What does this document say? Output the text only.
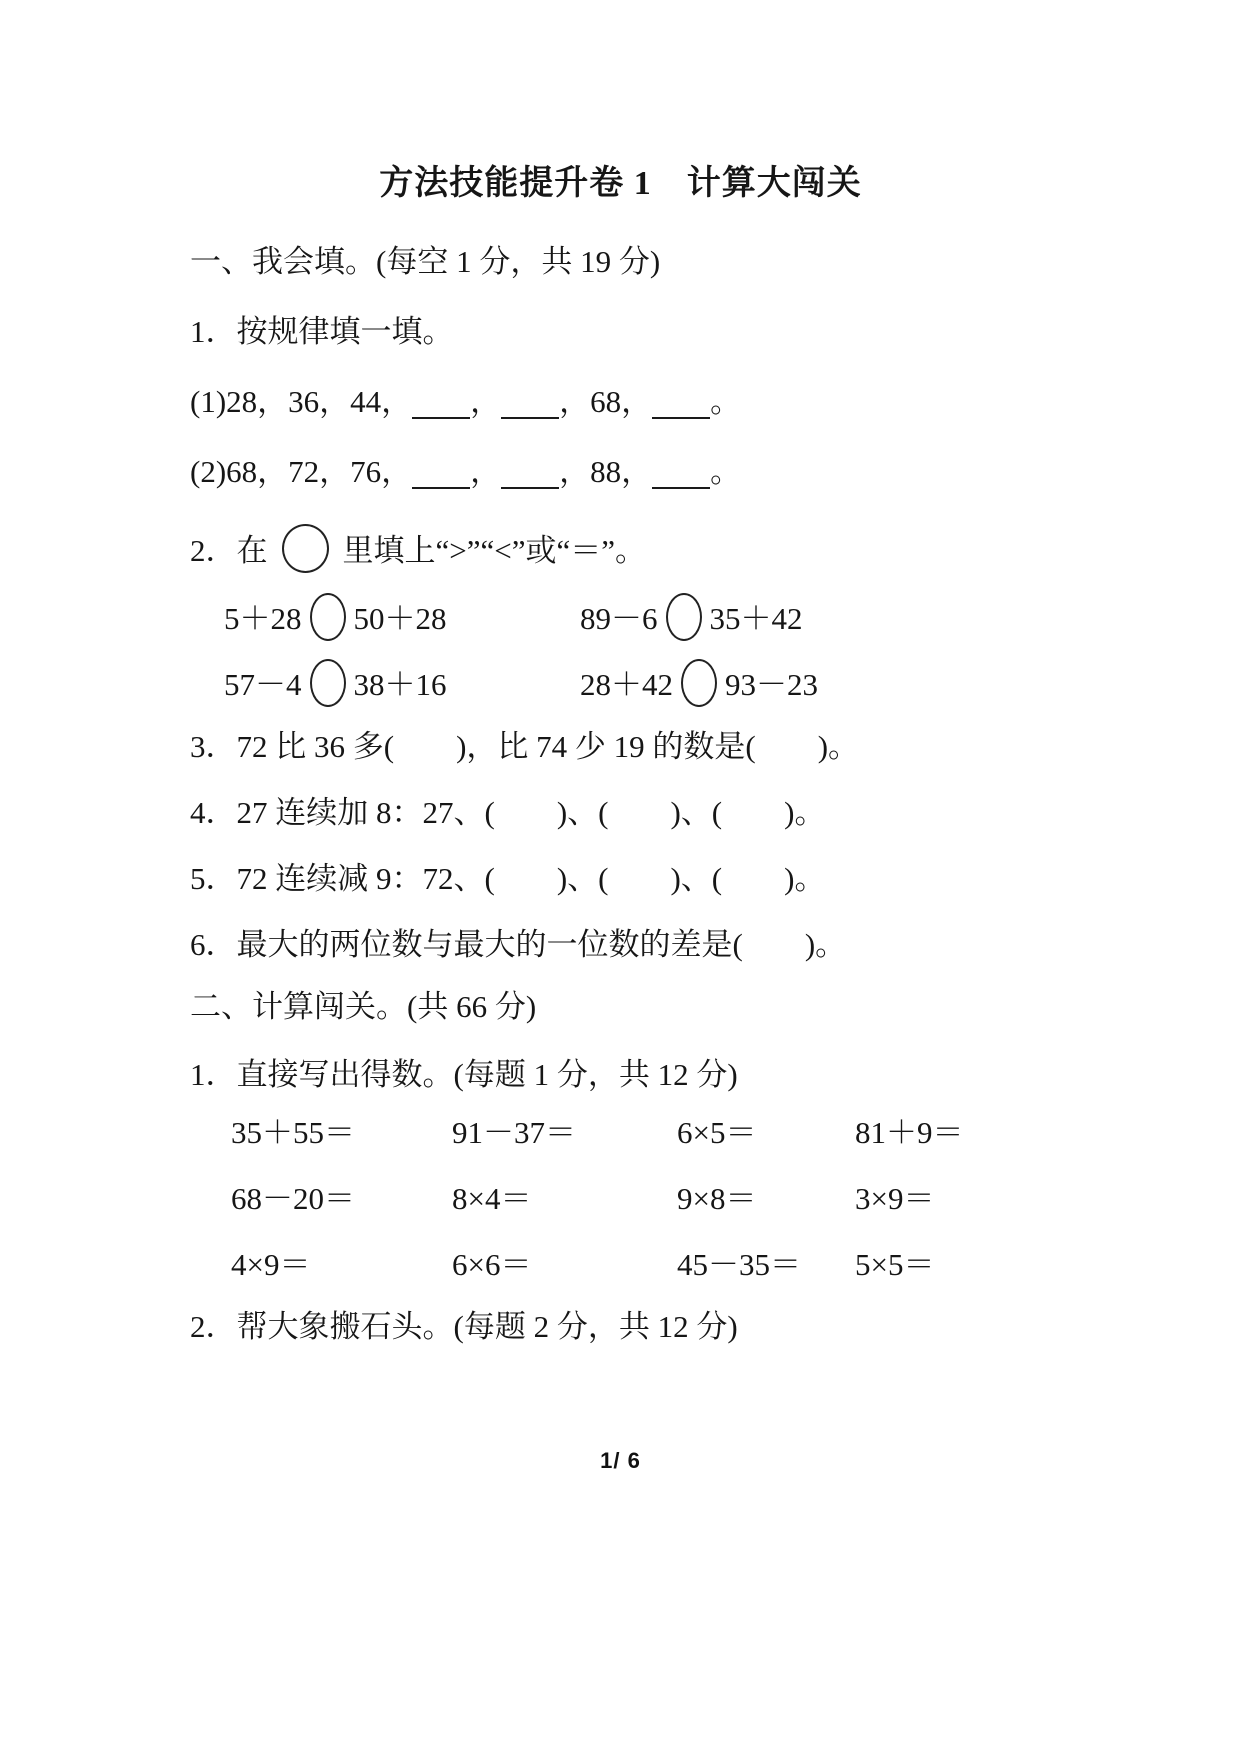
方法技能提升卷 1　计算大闯关
一、我会填。(每空 1 分，共 19 分)
1．按规律填一填。
(1)28，36，44， ， ，68， 。
(2)68，72，76， ， ，88， 。
2．在 里填上“>”“<”或“＝”。
5＋28 50＋28	89－6 35＋42
57－4 38＋16	28＋42 93－23
3．72 比 36 多(　　)，比 74 少 19 的数是(　　)。
4．27 连续加 8：27、(　　)、(　　)、(　　)。
5．72 连续减 9：72、(　　)、(　　)、(　　)。
6．最大的两位数与最大的一位数的差是(　　)。
二、计算闯关。(共 66 分)
1．直接写出得数。(每题 1 分，共 12 分)
35＋55＝	91－37＝	6×5＝	81＋9＝
68－20＝	8×4＝	9×8＝	3×9＝
4×9＝	6×6＝	45－35＝	5×5＝
2．帮大象搬石头。(每题 2 分，共 12 分)
1/ 6
